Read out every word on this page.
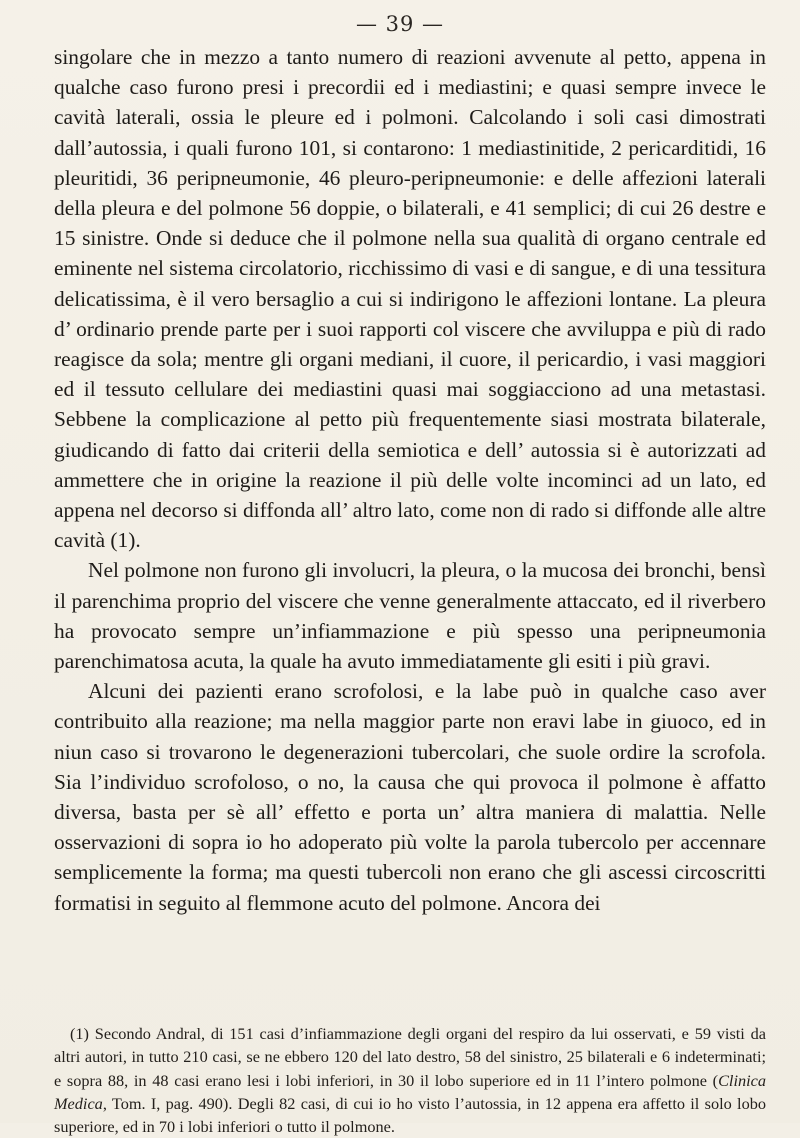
— 39 —

singolare che in mezzo a tanto numero di reazioni avvenute al petto, appena in qualche caso furono presi i precordii ed i mediastini; e quasi sempre invece le cavità laterali, ossia le pleure ed i polmoni. Calcolando i soli casi dimostrati dall’autossia, i quali furono 101, si contarono: 1 mediastinitide, 2 pericarditidi, 16 pleuritidi, 36 peripneumonie, 46 pleuro-peripneumonie: e delle affezioni laterali della pleura e del polmone 56 doppie, o bilaterali, e 41 semplici; di cui 26 destre e 15 sinistre. Onde si deduce che il polmone nella sua qualità di organo centrale ed eminente nel sistema circolatorio, ricchissimo di vasi e di sangue, e di una tessitura delicatissima, è il vero bersaglio a cui si indirigono le affezioni lontane. La pleura d’ ordinario prende parte per i suoi rapporti col viscere che avviluppa e più di rado reagisce da sola; mentre gli organi mediani, il cuore, il pericardio, i vasi maggiori ed il tessuto cellulare dei mediastini quasi mai soggiacciono ad una metastasi. Sebbene la complicazione al petto più frequentemente siasi mostrata bilaterale, giudicando di fatto dai criterii della semiotica e dell’ autossia si è autorizzati ad ammettere che in origine la reazione il più delle volte incominci ad un lato, ed appena nel decorso si diffonda all’ altro lato, come non di rado si diffonde alle altre cavità (1).

Nel polmone non furono gli involucri, la pleura, o la mucosa dei bronchi, bensì il parenchima proprio del viscere che venne generalmente attaccato, ed il riverbero ha provocato sempre un’infiammazione e più spesso una peripneumonia parenchimatosa acuta, la quale ha avuto immediatamente gli esiti i più gravi.

Alcuni dei pazienti erano scrofolosi, e la labe può in qualche caso aver contribuito alla reazione; ma nella maggior parte non eravi labe in giuoco, ed in niun caso si trovarono le degenerazioni tubercolari, che suole ordire la scrofola. Sia l’individuo scrofoloso, o no, la causa che qui provoca il polmone è affatto diversa, basta per sè all’ effetto e porta un’ altra maniera di malattia. Nelle osservazioni di sopra io ho adoperato più volte la parola tubercolo per accennare semplicemente la forma; ma questi tubercoli non erano che gli ascessi circoscritti formatisi in seguito al flemmone acuto del polmone. Ancora dei

(1) Secondo Andral, di 151 casi d’infiammazione degli organi del respiro da lui osservati, e 59 visti da altri autori, in tutto 210 casi, se ne ebbero 120 del lato destro, 58 del sinistro, 25 bilaterali e 6 indeterminati; e sopra 88, in 48 casi erano lesi i lobi inferiori, in 30 il lobo superiore ed in 11 l’intero polmone (Clinica Medica, Tom. I, pag. 490). Degli 82 casi, di cui io ho visto l’autossia, in 12 appena era affetto il solo lobo superiore, ed in 70 i lobi inferiori o tutto il polmone.
